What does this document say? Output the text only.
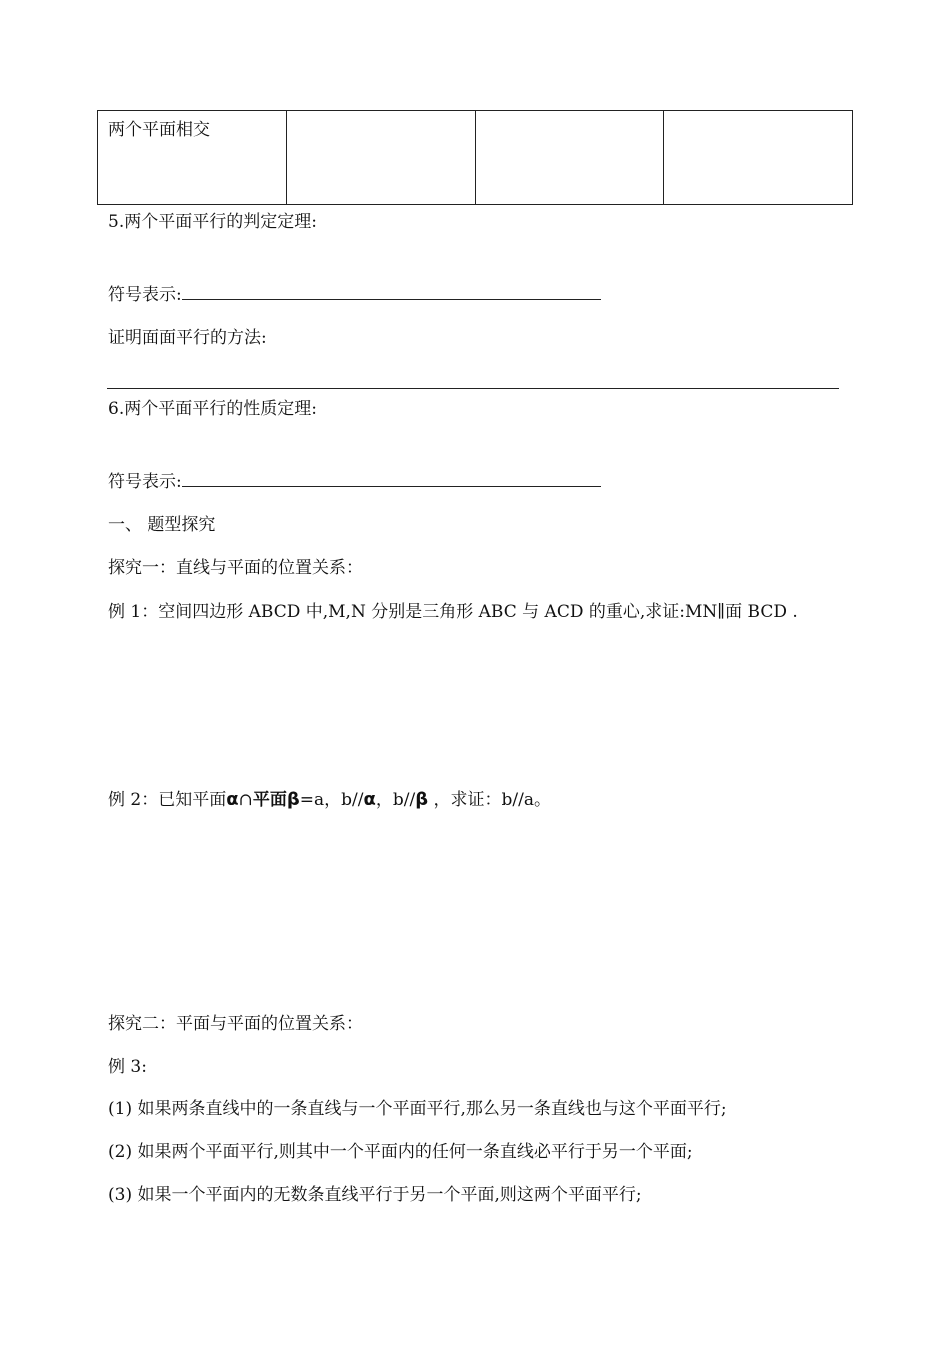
两个平面相交			
5.两个平面平行的判定定理:
符号表示:
证明面面平行的方法:
6.两个平面平行的性质定理:
符号表示:
一、 题型探究
探究一：直线与平面的位置关系：
例 1：空间四边形 ABCD 中,M,N 分别是三角形 ABC 与 ACD 的重心,求证:MN∥面 BCD .
例 2：已知平面α∩平面β=a，b//α，b//β ，求证：b//a。
探究二：平面与平面的位置关系：
例 3:
(1) 如果两条直线中的一条直线与一个平面平行,那么另一条直线也与这个平面平行;
(2) 如果两个平面平行,则其中一个平面内的任何一条直线必平行于另一个平面;
(3) 如果一个平面内的无数条直线平行于另一个平面,则这两个平面平行;
